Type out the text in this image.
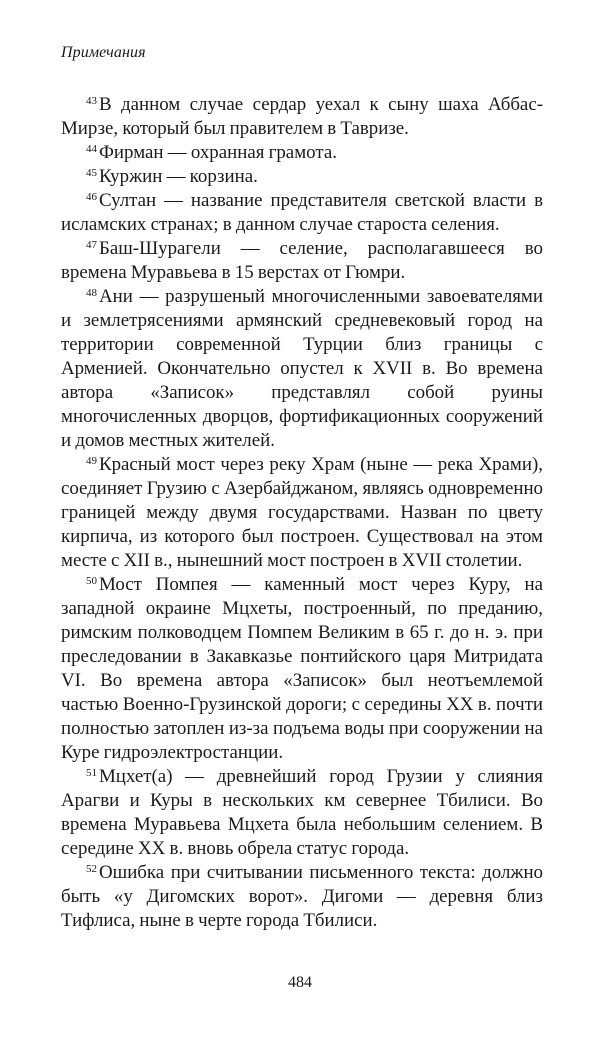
Примечания

$^{43}$ В данном случае сердар уехал к сыну шаха Аббас-Мирзе, который был правителем в Тавризе.

$^{44}$ Фирман — охранная грамота.

$^{45}$ Куржин — корзина.

$^{46}$ Султан — название представителя светской власти в исламских странах; в данном случае староста селения.

$^{47}$ Баш-Шурагели — селение, располагавшееся во времена Муравьева в 15 верстах от Гюмри.

$^{48}$ Ани — разрушеный многочисленными завоевателями и землетрясениями армянский средневековый город на территории современной Турции близ границы с Арменией. Окончательно опустел к XVII в. Во времена автора «Записок» представлял собой руины многочисленных дворцов, фортификационных сооружений и домов местных жителей.

$^{49}$ Красный мост через реку Храм (ныне — река Храми), соединяет Грузию с Азербайджаном, являясь одновременно границей между двумя государствами. Назван по цвету кирпича, из которого был построен. Существовал на этом месте с XII в., нынешний мост построен в XVII столетии.

$^{50}$ Мост Помпея — каменный мост через Куру, на западной окраине Мцхеты, построенный, по преданию, римским полководцем Помпем Великим в 65 г. до н. э. при преследовании в Закавказье понтийского царя Митридата VI. Во времена автора «Записок» был неотъемлемой частью Военно-Грузинской дороги; с середины XX в. почти полностью затоплен из-за подъема воды при сооружении на Куре гидроэлектростанции.

$^{51}$ Мцхет(а) — древнейший город Грузии у слияния Арагви и Куры в нескольких км севернее Тбилиси. Во времена Муравьева Мцхета была небольшим селением. В середине XX в. вновь обрела статус города.

$^{52}$ Ошибка при считывании письменного текста: должно быть «у Дигомских ворот». Дигоми — деревня близ Тифлиса, ныне в черте города Тбилиси.

484
